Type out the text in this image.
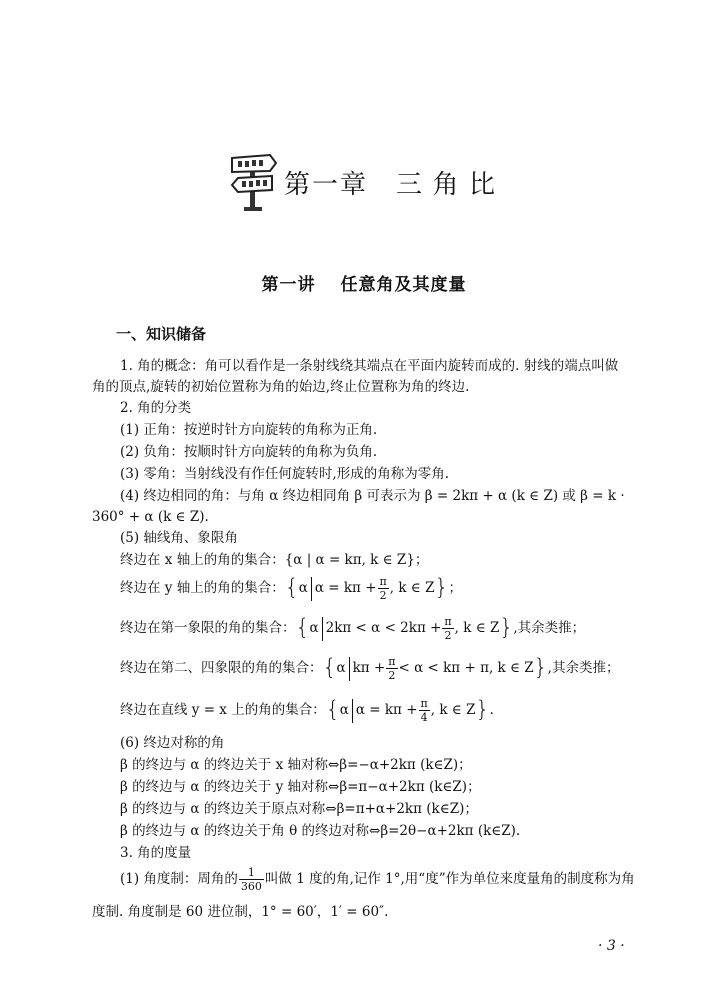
第一章　三 角 比
第一讲　 任意角及其度量
一、知识储备
1. 角的概念：角可以看作是一条射线绕其端点在平面内旋转而成的. 射线的端点叫做
角的顶点,旋转的初始位置称为角的始边,终止位置称为角的终边.
2. 角的分类
(1) 正角：按逆时针方向旋转的角称为正角.
(2) 负角：按顺时针方向旋转的角称为负角.
(3) 零角：当射线没有作任何旋转时,形成的角称为零角.
(4) 终边相同的角：与角 α 终边相同角 β 可表示为 β = 2kπ + α (k ∈ Z) 或 β = k ·
360° + α (k ∈ Z).
(5) 轴线角、象限角
终边在 x 轴上的角的集合：{α | α = kπ, k ∈ Z}；
终边在 y 轴上的角的集合：{α $\alpha = k\pi + \frac{\pi}{2}$ , k ∈ Z}；
终边在第一象限的角的集合：{α $2k\pi < \alpha < 2k\pi + \frac{\pi}{2}$ , k ∈ Z},其余类推；
终边在第二、四象限的角的集合：{α $k\pi + \frac{\pi}{2} < \alpha < k\pi + \pi$, k ∈ Z},其余类推；
终边在直线 y = x 上的角的集合：{α $\alpha = k\pi + \frac{\pi}{4}$ , k ∈ Z}.
(6) 终边对称的角
β 的终边与 α 的终边关于 x 轴对称⇔β=−α+2kπ (k∈Z)；
β 的终边与 α 的终边关于 y 轴对称⇔β=π−α+2kπ (k∈Z)；
β 的终边与 α 的终边关于原点对称⇔β=π+α+2kπ (k∈Z)；
β 的终边与 α 的终边关于角 θ 的终边对称⇔β=2θ−α+2kπ (k∈Z).
3. 角的度量
(1) 角度制：周角的 $\frac{1}{360}$ 叫做 1 度的角,记作 1°,用“度”作为单位来度量角的制度称为角
度制. 角度制是 60 进位制，1° = 60′，1′ = 60″.
· 3 ·
